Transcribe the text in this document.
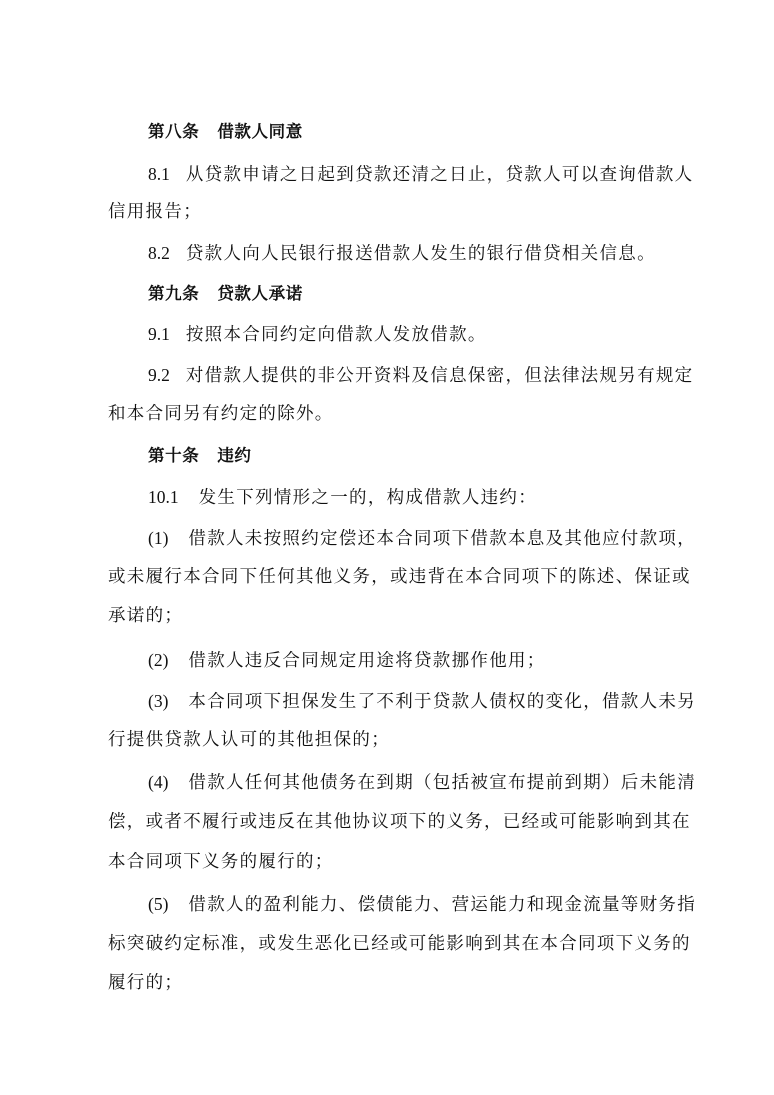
第八条 借款人同意
8.1 从贷款申请之日起到贷款还清之日止，贷款人可以查询借款人
信用报告；
8.2 贷款人向人民银行报送借款人发生的银行借贷相关信息。
第九条 贷款人承诺
9.1 按照本合同约定向借款人发放借款。
9.2 对借款人提供的非公开资料及信息保密，但法律法规另有规定
和本合同另有约定的除外。
第十条 违约
10.1 发生下列情形之一的，构成借款人违约：
(1) 借款人未按照约定偿还本合同项下借款本息及其他应付款项，
或未履行本合同下任何其他义务，或违背在本合同项下的陈述、保证或
承诺的；
(2) 借款人违反合同规定用途将贷款挪作他用；
(3) 本合同项下担保发生了不利于贷款人债权的变化，借款人未另
行提供贷款人认可的其他担保的；
(4) 借款人任何其他债务在到期（包括被宣布提前到期）后未能清
偿，或者不履行或违反在其他协议项下的义务，已经或可能影响到其在
本合同项下义务的履行的；
(5) 借款人的盈利能力、偿债能力、营运能力和现金流量等财务指
标突破约定标准，或发生恶化已经或可能影响到其在本合同项下义务的
履行的；
